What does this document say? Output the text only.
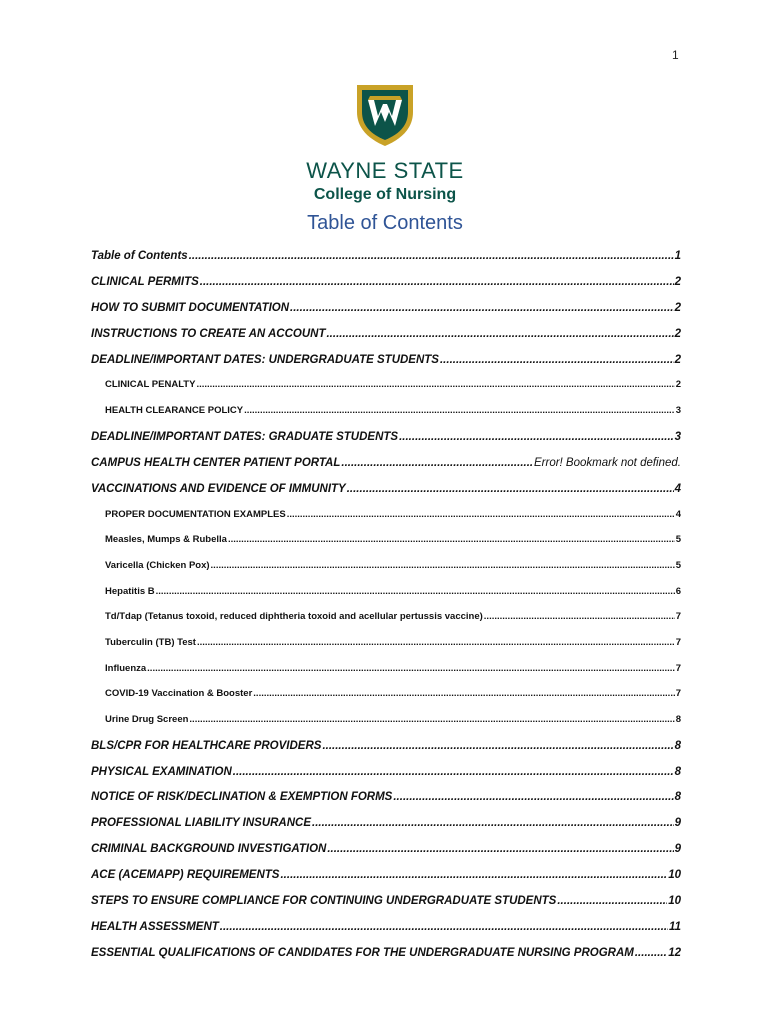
1
WAYNE STATE
College of Nursing
Table of Contents
Table of Contents .....	1
CLINICAL PERMITS .....	2
HOW TO SUBMIT DOCUMENTATION .....	2
INSTRUCTIONS TO CREATE AN ACCOUNT .....	2
DEADLINE/IMPORTANT DATES: UNDERGRADUATE STUDENTS .....	2
CLINICAL PENALTY .....	2
HEALTH CLEARANCE POLICY .....	3
DEADLINE/IMPORTANT DATES: GRADUATE STUDENTS .....	3
CAMPUS HEALTH CENTER PATIENT PORTAL .....	Error! Bookmark not defined.
VACCINATIONS AND EVIDENCE OF IMMUNITY .....	4
PROPER DOCUMENTATION EXAMPLES .....	4
Measles, Mumps & Rubella .....	5
Varicella (Chicken Pox) .....	5
Hepatitis B .....	6
Td/Tdap (Tetanus toxoid, reduced diphtheria toxoid and acellular pertussis vaccine) .....	7
Tuberculin (TB) Test .....	7
Influenza .....	7
COVID-19 Vaccination & Booster .....	7
Urine Drug Screen .....	8
BLS/CPR FOR HEALTHCARE PROVIDERS .....	8
PHYSICAL EXAMINATION .....	8
NOTICE OF RISK/DECLINATION & EXEMPTION FORMS .....	8
PROFESSIONAL LIABILITY INSURANCE .....	9
CRIMINAL BACKGROUND INVESTIGATION .....	9
ACE (ACEMAPP) REQUIREMENTS .....	10
STEPS TO ENSURE COMPLIANCE FOR CONTINUING UNDERGRADUATE STUDENTS .....	10
HEALTH ASSESSMENT .....	11
ESSENTIAL QUALIFICATIONS OF CANDIDATES FOR THE UNDERGRADUATE NURSING PROGRAM .....	12
